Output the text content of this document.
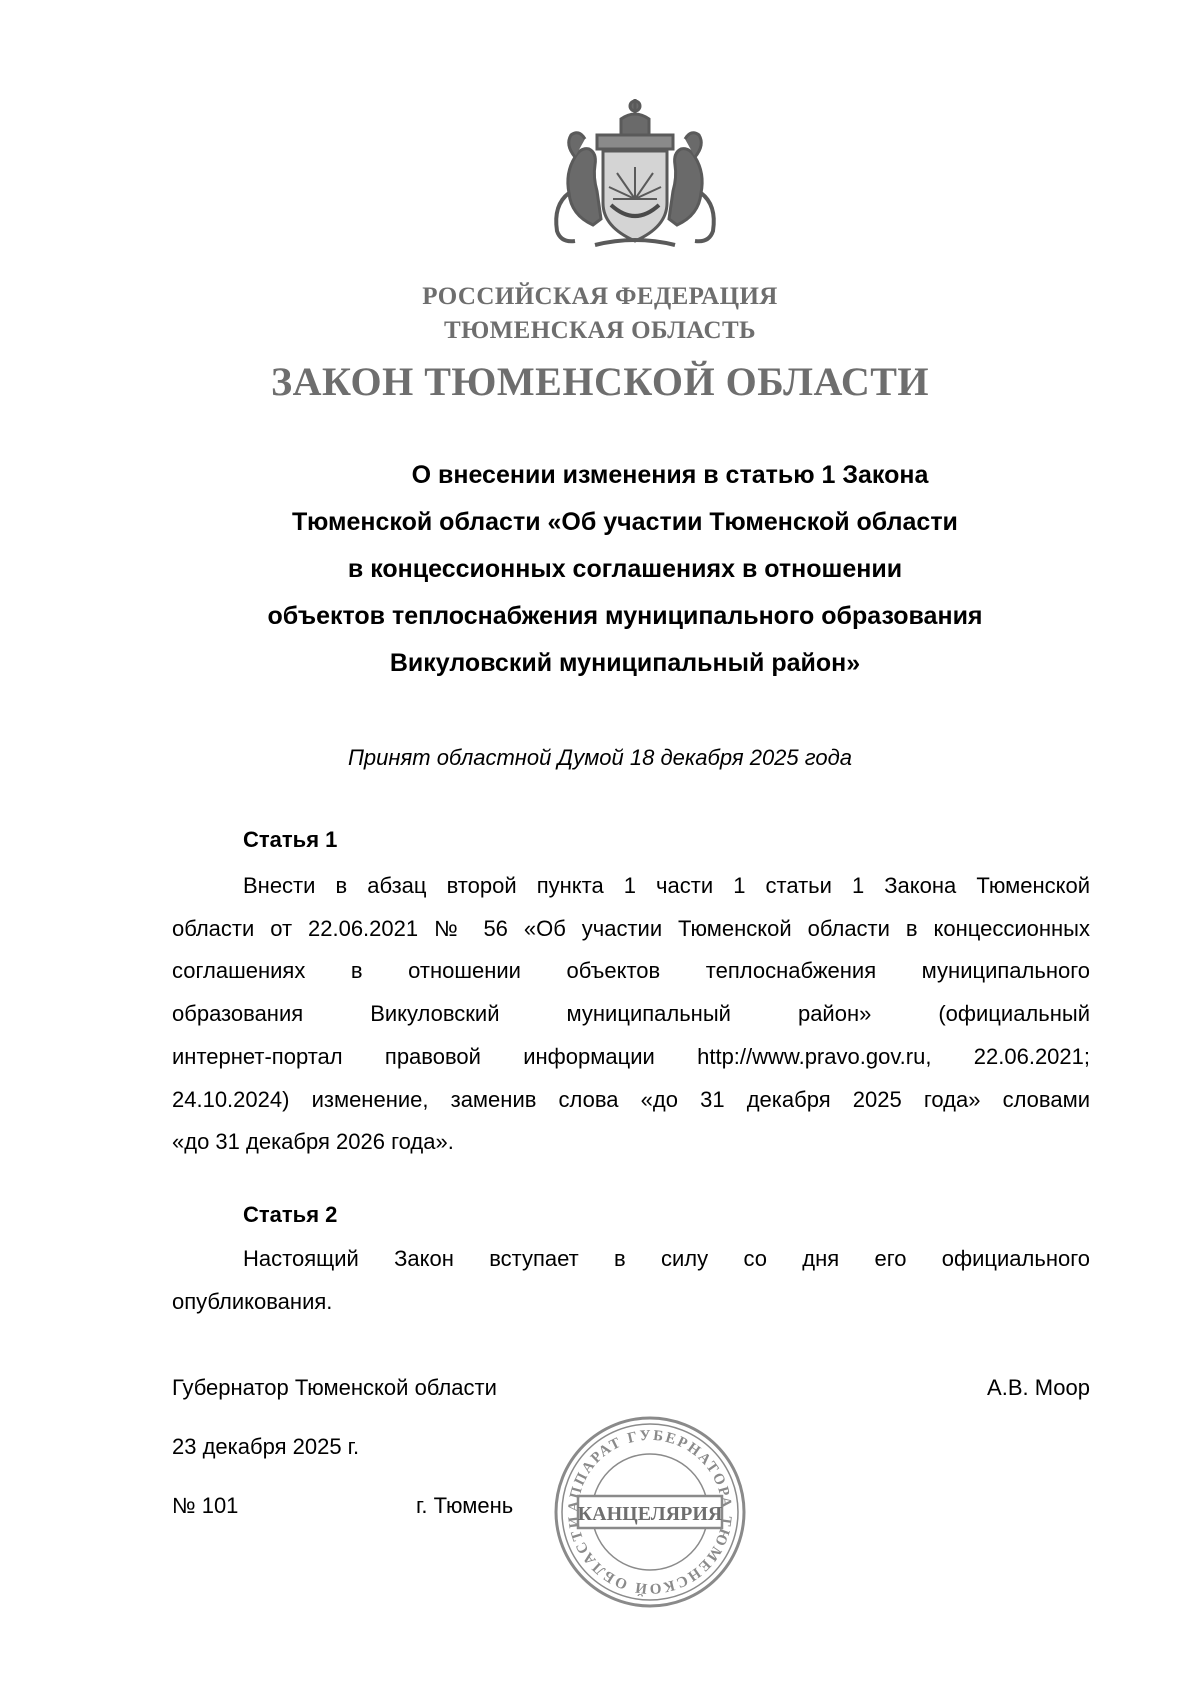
РОССИЙСКАЯ ФЕДЕРАЦИЯ
ТЮМЕНСКАЯ ОБЛАСТЬ
ЗАКОН ТЮМЕНСКОЙ ОБЛАСТИ
О внесении изменения в статью 1 Закона
Тюменской области «Об участии Тюменской области
в концессионных соглашениях в отношении
объектов теплоснабжения муниципального образования
Викуловский муниципальный район»
Принят областной Думой 18 декабря 2025 года
Статья 1
Внести в абзац второй пункта 1 части 1 статьи 1 Закона Тюменской
области от 22.06.2021 № 56 «Об участии Тюменской области в концессионных
соглашениях в отношении объектов теплоснабжения муниципального
образования Викуловский муниципальный район» (официальный
интернет-портал правовой информации http://www.pravo.gov.ru, 22.06.2021;
24.10.2024) изменение, заменив слова «до 31 декабря 2025 года» словами
«до 31 декабря 2026 года».
Статья 2
Настоящий Закон вступает в силу со дня его официального
опубликования.
Губернатор Тюменской области	А.В. Моор
23 декабря 2025 г.
№ 101	г. Тюмень	АППАРАТ ГУБЕРНАТОРА ТЮМЕНСКОЙ ОБЛАСТИ
КАНЦЕЛЯРИЯ
